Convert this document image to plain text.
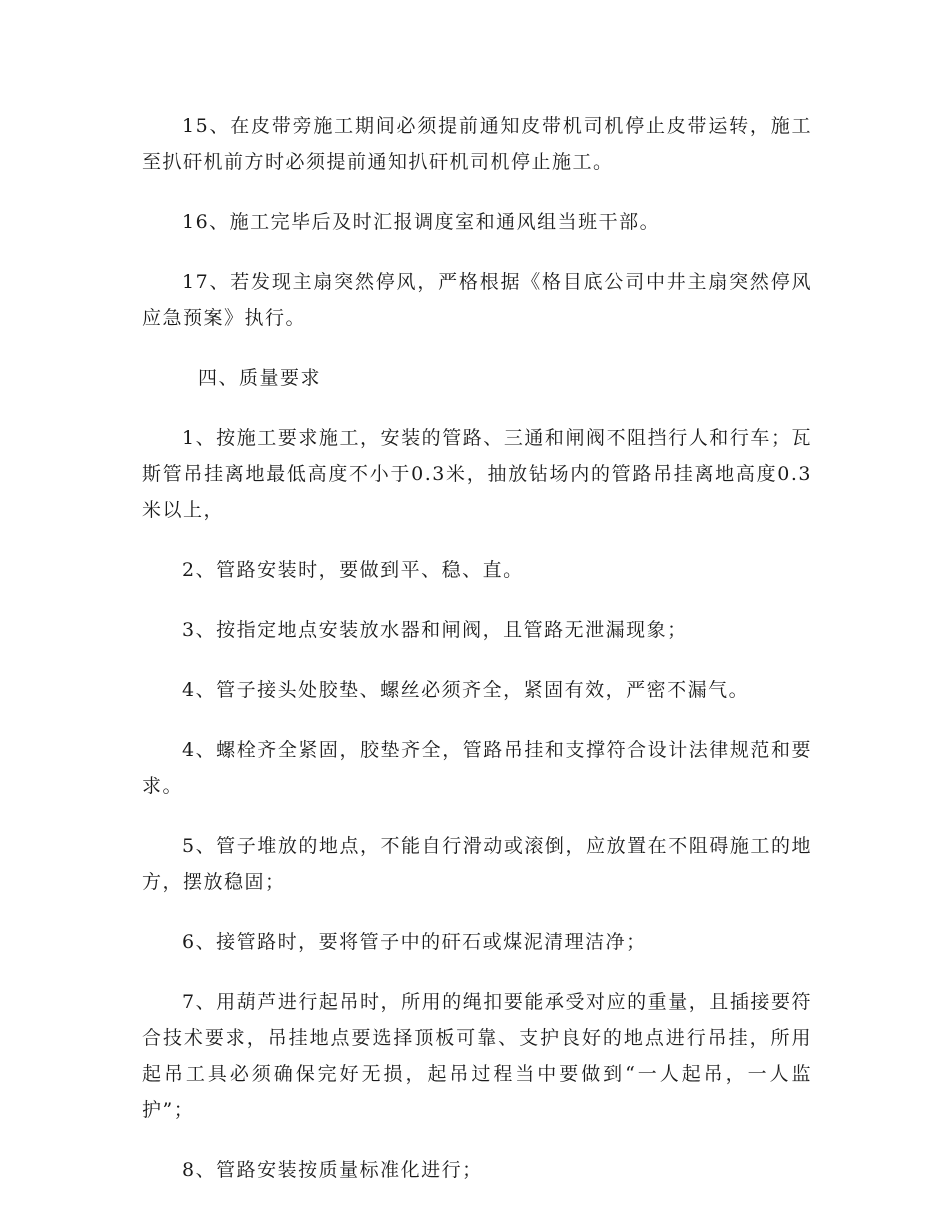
15、在皮带旁施工期间必须提前通知皮带机司机停止皮带运转，施工至扒矸机前方时必须提前通知扒矸机司机停止施工。

16、施工完毕后及时汇报调度室和通风组当班干部。

17、若发现主扇突然停风，严格根据《格目底公司中井主扇突然停风应急预案》执行。

四、质量要求

1、按施工要求施工，安装的管路、三通和闸阀不阻挡行人和行车；瓦斯管吊挂离地最低高度不小于0.3米，抽放钻场内的管路吊挂离地高度0.3米以上，

2、管路安装时，要做到平、稳、直。

3、按指定地点安装放水器和闸阀，且管路无泄漏现象；

4、管子接头处胶垫、螺丝必须齐全，紧固有效，严密不漏气。

4、螺栓齐全紧固，胶垫齐全，管路吊挂和支撑符合设计法律规范和要求。

5、管子堆放的地点，不能自行滑动或滚倒，应放置在不阻碍施工的地方，摆放稳固；

6、接管路时，要将管子中的矸石或煤泥清理洁净；

7、用葫芦进行起吊时，所用的绳扣要能承受对应的重量，且插接要符合技术要求，吊挂地点要选择顶板可靠、支护良好的地点进行吊挂，所用起吊工具必须确保完好无损，起吊过程当中要做到“一人起吊，一人监护”；

8、管路安装按质量标准化进行；
